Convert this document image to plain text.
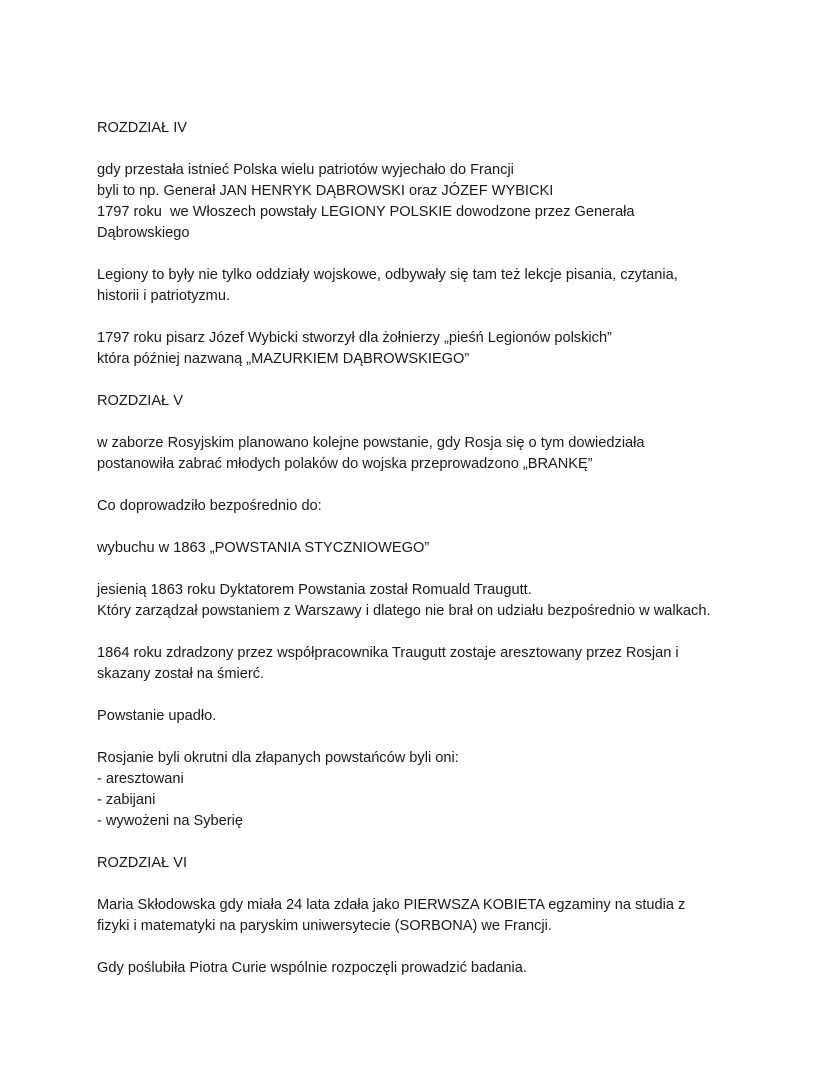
ROZDZIAŁ IV
gdy przestała istnieć Polska wielu patriotów wyjechało do Francji
byli to np. Generał JAN HENRYK DĄBROWSKI oraz JÓZEF WYBICKI
1797 roku  we Włoszech powstały LEGIONY POLSKIE dowodzone przez Generała
Dąbrowskiego
Legiony to były nie tylko oddziały wojskowe, odbywały się tam też lekcje pisania, czytania,
historii i patriotyzmu.
1797 roku pisarz Józef Wybicki stworzył dla żołnierzy „pieśń Legionów polskich”
która później nazwaną „MAZURKIEM DĄBROWSKIEGO”
ROZDZIAŁ V
w zaborze Rosyjskim planowano kolejne powstanie, gdy Rosja się o tym dowiedziała
postanowiła zabrać młodych polaków do wojska przeprowadzono „BRANKĘ”
Co doprowadziło bezpośrednio do:
wybuchu w 1863 „POWSTANIA STYCZNIOWEGO”
jesienią 1863 roku Dyktatorem Powstania został Romuald Traugutt.
Który zarządzał powstaniem z Warszawy i dlatego nie brał on udziału bezpośrednio w walkach.
1864 roku zdradzony przez współpracownika Traugutt zostaje aresztowany przez Rosjan i
skazany został na śmierć.
Powstanie upadło.
Rosjanie byli okrutni dla złapanych powstańców byli oni:
- aresztowani
- zabijani
- wywożeni na Syberię
ROZDZIAŁ VI
Maria Skłodowska gdy miała 24 lata zdała jako PIERWSZA KOBIETA egzaminy na studia z
fizyki i matematyki na paryskim uniwersytecie (SORBONA) we Francji.
Gdy poślubiła Piotra Curie wspólnie rozpoczęli prowadzić badania.
